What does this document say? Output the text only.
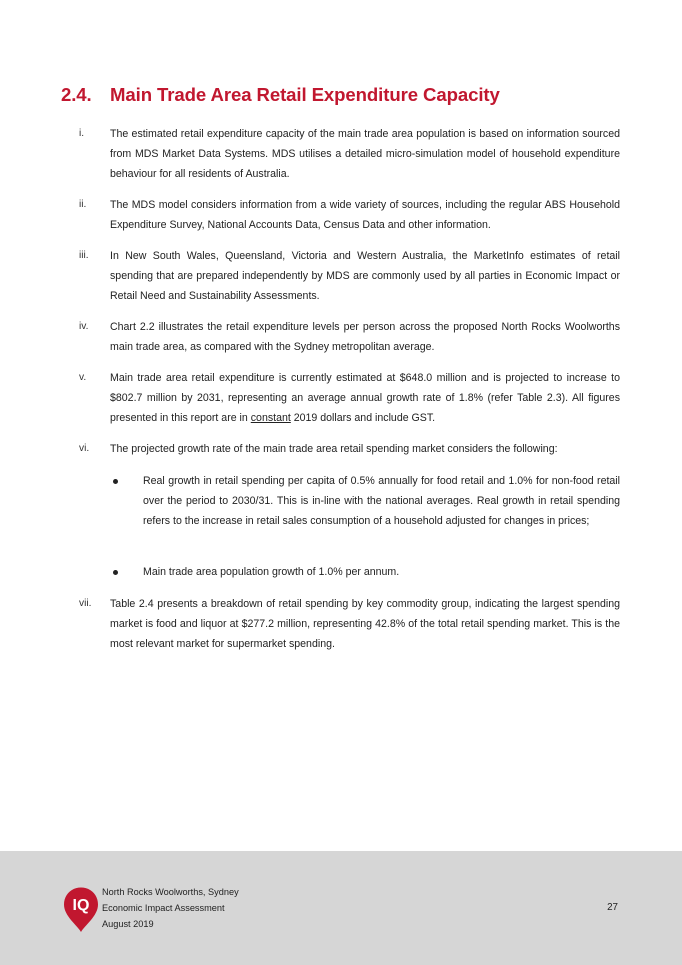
2.4. Main Trade Area Retail Expenditure Capacity
i.	The estimated retail expenditure capacity of the main trade area population is based on information sourced from MDS Market Data Systems. MDS utilises a detailed micro-simulation model of household expenditure behaviour for all residents of Australia.
ii.	The MDS model considers information from a wide variety of sources, including the regular ABS Household Expenditure Survey, National Accounts Data, Census Data and other information.
iii.	In New South Wales, Queensland, Victoria and Western Australia, the MarketInfo estimates of retail spending that are prepared independently by MDS are commonly used by all parties in Economic Impact or Retail Need and Sustainability Assessments.
iv.	Chart 2.2 illustrates the retail expenditure levels per person across the proposed North Rocks Woolworths main trade area, as compared with the Sydney metropolitan average.
v.	Main trade area retail expenditure is currently estimated at $648.0 million and is projected to increase to $802.7 million by 2031, representing an average annual growth rate of 1.8% (refer Table 2.3). All figures presented in this report are in constant 2019 dollars and include GST.
vi.	The projected growth rate of the main trade area retail spending market considers the following:
Real growth in retail spending per capita of 0.5% annually for food retail and 1.0% for non-food retail over the period to 2030/31. This is in-line with the national averages. Real growth in retail spending refers to the increase in retail sales consumption of a household adjusted for changes in prices;
Main trade area population growth of 1.0% per annum.
vii.	Table 2.4 presents a breakdown of retail spending by key commodity group, indicating the largest spending market is food and liquor at $277.2 million, representing 42.8% of the total retail spending market. This is the most relevant market for supermarket spending.
IQ
North Rocks Woolworths, Sydney
Economic Impact Assessment
August 2019
27
